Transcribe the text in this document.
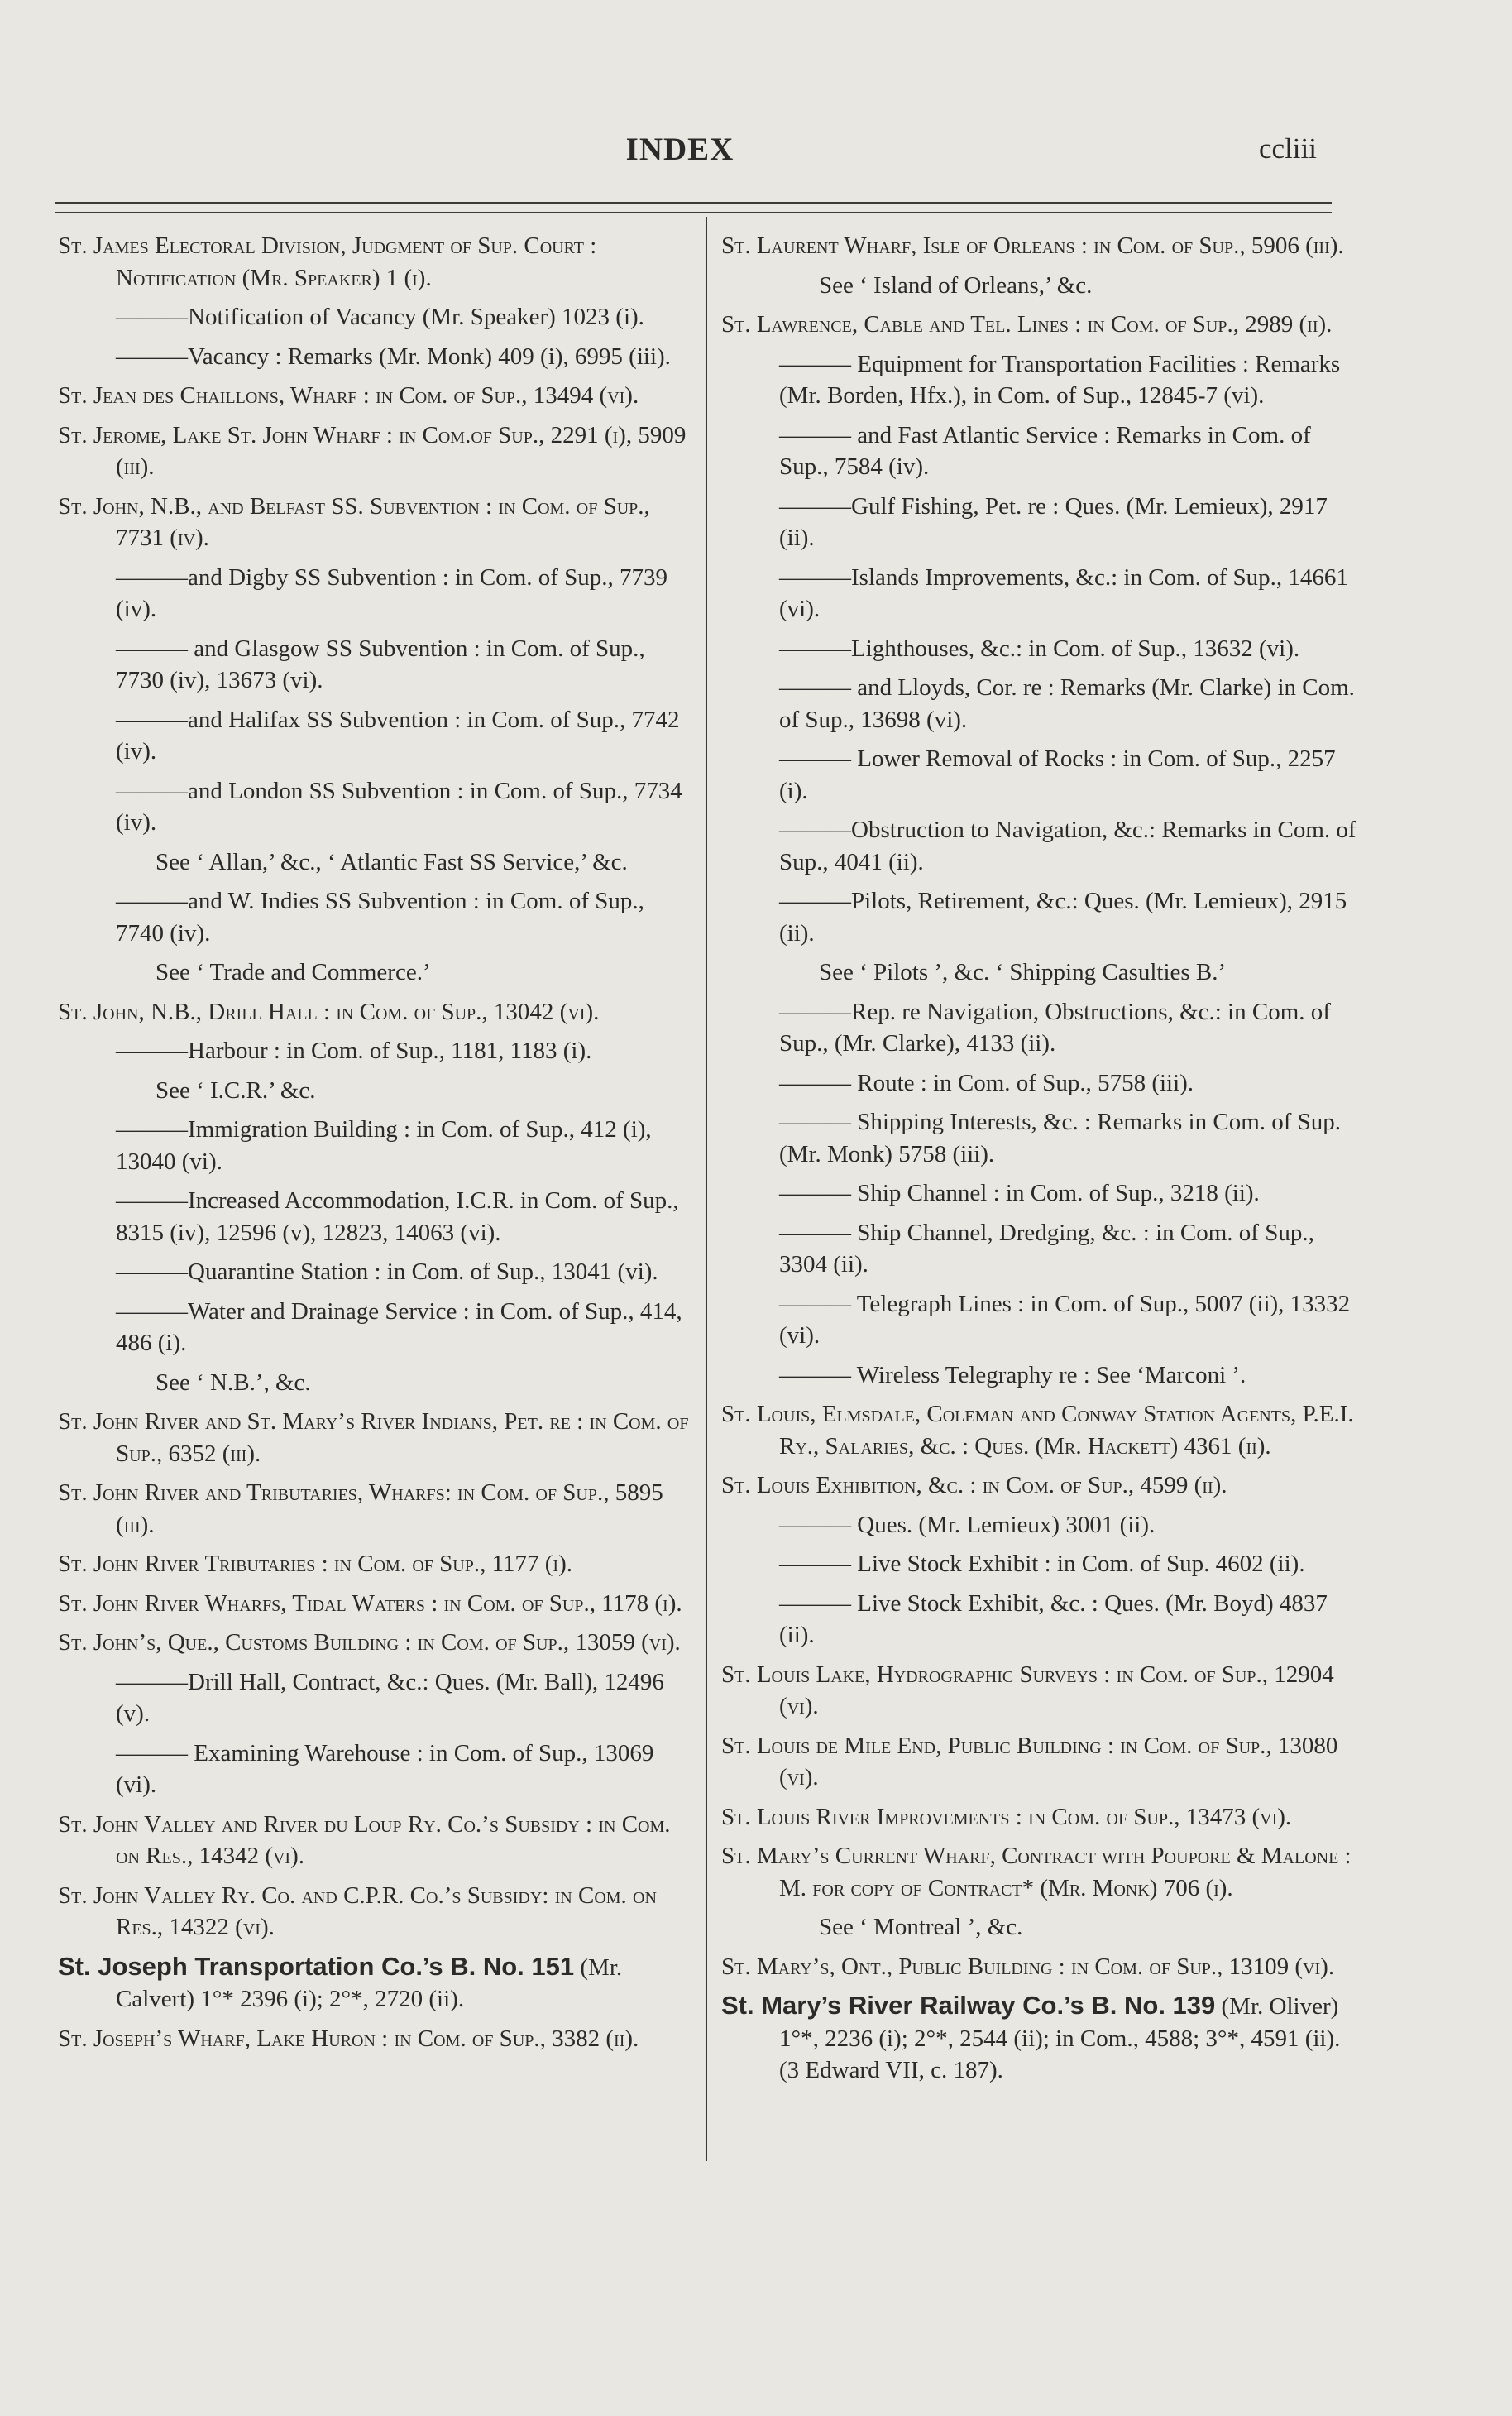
INDEX	ccliii
St. James Electoral Division, Judgment of Sup. Court : Notification (Mr. Speaker) 1 (i).
———Notification of Vacancy (Mr. Speaker) 1023 (i).
———Vacancy : Remarks (Mr. Monk) 409 (i), 6995 (iii).
St. Jean des Chaillons, Wharf : in Com. of Sup., 13494 (vi).
St. Jerome, Lake St. John Wharf : in Com.of Sup., 2291 (i), 5909 (iii).
St. John, N.B., and Belfast SS. Subvention : in Com. of Sup., 7731 (iv).
———and Digby SS Subvention : in Com. of Sup., 7739 (iv).
——— and Glasgow SS Subvention : in Com. of Sup., 7730 (iv), 13673 (vi).
———and Halifax SS Subvention : in Com. of Sup., 7742 (iv).
———and London SS Subvention : in Com. of Sup., 7734 (iv).
See ‘ Allan,’ &c., ‘ Atlantic Fast SS Service,’ &c.
———and W. Indies SS Subvention : in Com. of Sup., 7740 (iv).
See ‘ Trade and Commerce.’
St. John, N.B., Drill Hall : in Com. of Sup., 13042 (vi).
———Harbour : in Com. of Sup., 1181, 1183 (i).
See ‘ I.C.R.’ &c.
———Immigration Building : in Com. of Sup., 412 (i), 13040 (vi).
———Increased Accommodation, I.C.R. in Com. of Sup., 8315 (iv), 12596 (v), 12823, 14063 (vi).
———Quarantine Station : in Com. of Sup., 13041 (vi).
———Water and Drainage Service : in Com. of Sup., 414, 486 (i).
See ‘ N.B.’, &c.
St. John River and St. Mary’s River Indians, Pet. re : in Com. of Sup., 6352 (iii).
St. John River and Tributaries, Wharfs: in Com. of Sup., 5895 (iii).
St. John River Tributaries : in Com. of Sup., 1177 (i).
St. John River Wharfs, Tidal Waters : in Com. of Sup., 1178 (i).
St. John’s, Que., Customs Building : in Com. of Sup., 13059 (vi).
———Drill Hall, Contract, &c.: Ques. (Mr. Ball), 12496 (v).
——— Examining Warehouse : in Com. of Sup., 13069 (vi).
St. John Valley and River du Loup Ry. Co.’s Subsidy : in Com. on Res., 14342 (vi).
St. John Valley Ry. Co. and C.P.R. Co.’s Subsidy: in Com. on Res., 14322 (vi).
St. Joseph Transportation Co.’s B. No. 151 (Mr. Calvert) 1°* 2396 (i); 2°*, 2720 (ii).
St. Joseph’s Wharf, Lake Huron : in Com. of Sup., 3382 (ii).
St. Laurent Wharf, Isle of Orleans : in Com. of Sup., 5906 (iii).
See ‘ Island of Orleans,’ &c.
St. Lawrence, Cable and Tel. Lines : in Com. of Sup., 2989 (ii).
——— Equipment for Transportation Facilities : Remarks (Mr. Borden, Hfx.), in Com. of Sup., 12845-7 (vi).
——— and Fast Atlantic Service : Remarks in Com. of Sup., 7584 (iv).
———Gulf Fishing, Pet. re : Ques. (Mr. Lemieux), 2917 (ii).
———Islands Improvements, &c.: in Com. of Sup., 14661 (vi).
———Lighthouses, &c.: in Com. of Sup., 13632 (vi).
——— and Lloyds, Cor. re : Remarks (Mr. Clarke) in Com. of Sup., 13698 (vi).
——— Lower Removal of Rocks : in Com. of Sup., 2257 (i).
———Obstruction to Navigation, &c.: Remarks in Com. of Sup., 4041 (ii).
———Pilots, Retirement, &c.: Ques. (Mr. Lemieux), 2915 (ii).
See ‘ Pilots ’, &c. ‘ Shipping Casulties B.’
———Rep. re Navigation, Obstructions, &c.: in Com. of Sup., (Mr. Clarke), 4133 (ii).
——— Route : in Com. of Sup., 5758 (iii).
——— Shipping Interests, &c. : Remarks in Com. of Sup. (Mr. Monk) 5758 (iii).
——— Ship Channel : in Com. of Sup., 3218 (ii).
——— Ship Channel, Dredging, &c. : in Com. of Sup., 3304 (ii).
——— Telegraph Lines : in Com. of Sup., 5007 (ii), 13332 (vi).
——— Wireless Telegraphy re : See ‘Marconi ’.
St. Louis, Elmsdale, Coleman and Conway Station Agents, P.E.I. Ry., Salaries, &c. : Ques. (Mr. Hackett) 4361 (ii).
St. Louis Exhibition, &c. : in Com. of Sup., 4599 (ii).
——— Ques. (Mr. Lemieux) 3001 (ii).
——— Live Stock Exhibit : in Com. of Sup. 4602 (ii).
——— Live Stock Exhibit, &c. : Ques. (Mr. Boyd) 4837 (ii).
St. Louis Lake, Hydrographic Surveys : in Com. of Sup., 12904 (vi).
St. Louis de Mile End, Public Building : in Com. of Sup., 13080 (vi).
St. Louis River Improvements : in Com. of Sup., 13473 (vi).
St. Mary’s Current Wharf, Contract with Poupore & Malone : M. for copy of Contract* (Mr. Monk) 706 (i).
See ‘ Montreal ’, &c.
St. Mary’s, Ont., Public Building : in Com. of Sup., 13109 (vi).
St. Mary’s River Railway Co.’s B. No. 139 (Mr. Oliver) 1°*, 2236 (i); 2°*, 2544 (ii); in Com., 4588; 3°*, 4591 (ii). (3 Edward VII, c. 187).
